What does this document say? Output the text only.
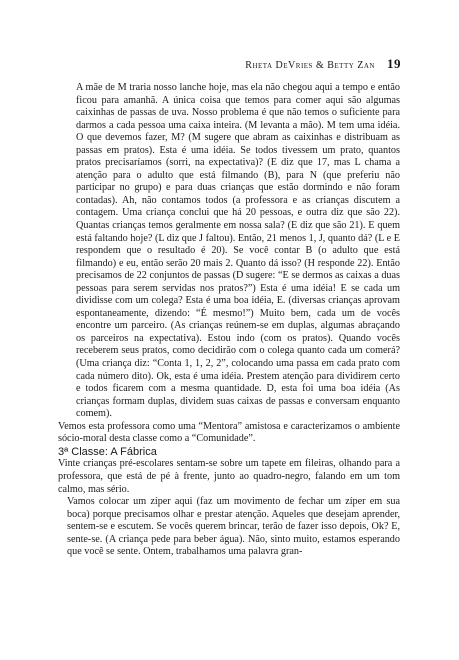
Rheta DeVries & Betty Zan 19

A mãe de M traria nosso lanche hoje, mas ela não chegou aqui a tempo e então ficou para amanhã. A única coisa que temos para comer aqui são algumas caixinhas de passas de uva. Nosso problema é que não temos o suficiente para darmos a cada pessoa uma caixa inteira. (M levanta a mão). M tem uma idéia. O que devemos fazer, M? (M sugere que abram as caixinhas e distribuam as passas em pratos). Esta é uma idéia. Se todos tivessem um prato, quantos pratos precisaríamos (sorri, na expectativa)? (E diz que 17, mas L chama a atenção para o adulto que está filmando (B), para N (que preferiu não participar no grupo) e para duas crianças que estão dormindo e não foram contadas). Ah, não contamos todos (a professora e as crianças discutem a contagem. Uma criança conclui que há 20 pessoas, e outra diz que são 22). Quantas crianças temos geralmente em nossa sala? (E diz que são 21). E quem está faltando hoje? (L diz que J faltou). Então, 21 menos 1, J, quanto dá? (L e E respondem que o resultado é 20). Se você contar B (o adulto que está filmando) e eu, então serão 20 mais 2. Quanto dá isso? (H responde 22). Então precisamos de 22 conjuntos de passas (D sugere: “E se dermos as caixas a duas pessoas para serem servidas nos pratos?”) Esta é uma idéia! E se cada um dividisse com um colega? Esta é uma boa idéia, E. (diversas crianças aprovam espontaneamente, dizendo: “É mesmo!”) Muito bem, cada um de vocês encontre um parceiro. (As crianças reúnem-se em duplas, algumas abraçando os parceiros na expectativa). Estou indo (com os pratos). Quando vocês receberem seus pratos, como decidirão com o colega quanto cada um comerá? (Uma criança diz: “Conta 1, 1, 2, 2”, colocando uma passa em cada prato com cada número dito). Ok, esta é uma idéia. Prestem atenção para dividirem certo e todos ficarem com a mesma quantidade. D, esta foi uma boa idéia (As crianças formam duplas, dividem suas caixas de passas e conversam enquanto comem).

Vemos esta professora como uma “Mentora” amistosa e caracterizamos o ambiente sócio-moral desta classe como a “Comunidade”.

3ª Classe: A Fábrica

Vinte crianças pré-escolares sentam-se sobre um tapete em fileiras, olhando para a professora, que está de pé à frente, junto ao quadro-negro, falando em um tom calmo, mas sério.

Vamos colocar um zíper aqui (faz um movimento de fechar um zíper em sua boca) porque precisamos olhar e prestar atenção. Aqueles que desejam aprender, sentem-se e escutem. Se vocês querem brincar, terão de fazer isso depois, Ok? E, sente-se. (A criança pede para beber água). Não, sinto muito, estamos esperando que você se sente. Ontem, trabalhamos uma palavra gran-
